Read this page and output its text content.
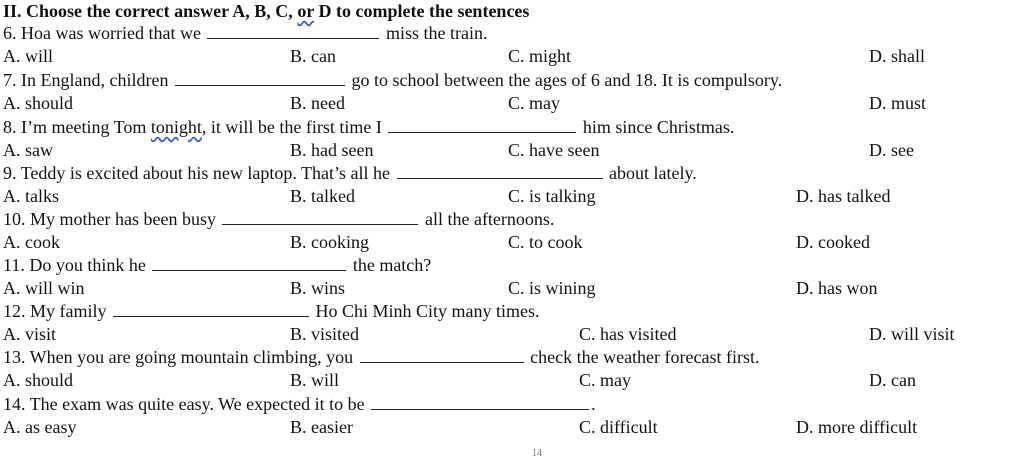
II. Choose the correct answer A, B, C, or D to complete the sentences
6. Hoa was worried that we	miss the train.
A. will	B. can	C. might	D. shall
7. In England, children	go to school between the ages of 6 and 18. It is compulsory.
A. should	B. need	C. may	D. must
8. I’m meeting Tom tonight, it will be the first time I	him since Christmas.
A. saw	B. had seen	C. have seen	D. see
9. Teddy is excited about his new laptop. That’s all he	about lately.
A. talks	B. talked	C. is talking	D. has talked
10. My mother has been busy	all the afternoons.
A. cook	B. cooking	C. to cook	D. cooked
11. Do you think he	the match?
A. will win	B. wins	C. is wining	D. has won
12. My family	Ho Chi Minh City many times.
A. visit	B. visited	C. has visited	D. will visit
13. When you are going mountain climbing, you	check the weather forecast first.
A. should	B. will	C. may	D. can
14. The exam was quite easy. We expected it to be	.
A. as easy	B. easier	C. difficult	D. more difficult
14
